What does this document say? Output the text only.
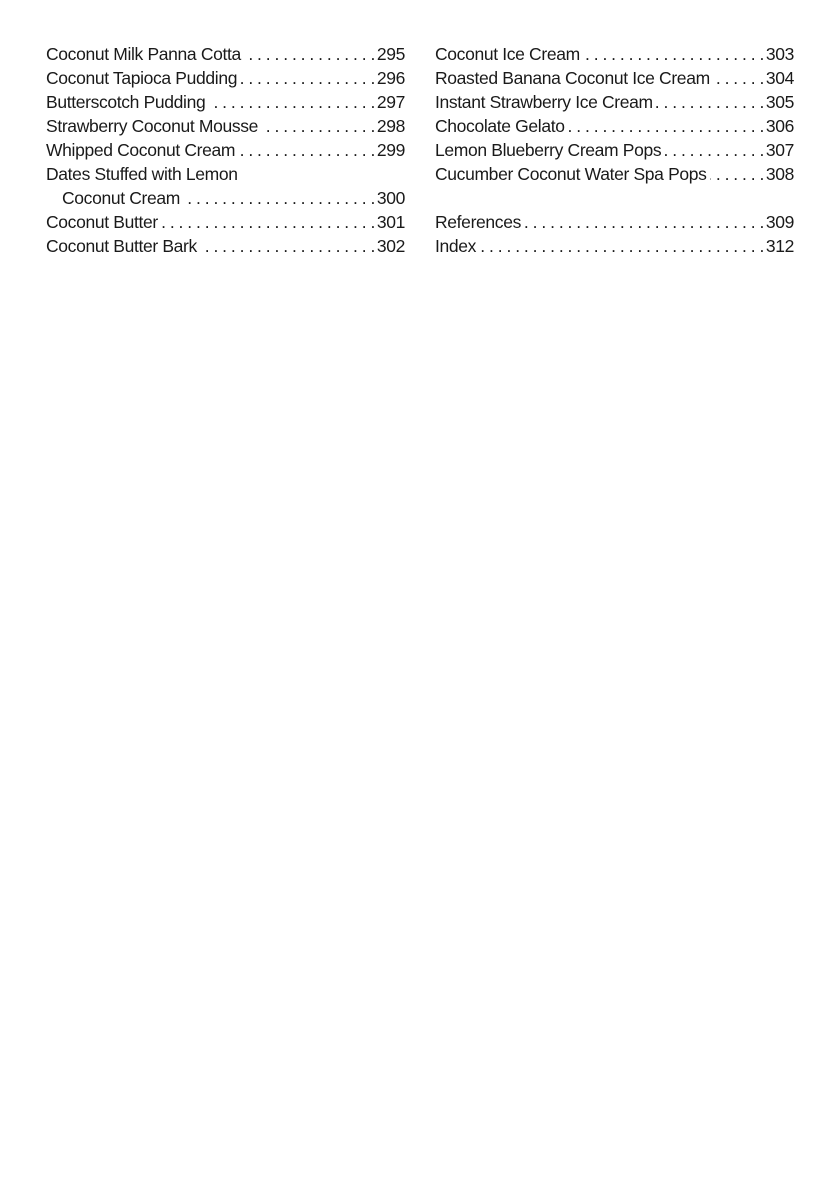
Coconut Milk Panna Cotta . . .	295
Coconut Tapioca Pudding . . .	296
Butterscotch Pudding . . .	297
Strawberry Coconut Mousse . . .	298
Whipped Coconut Cream . . .	299
Dates Stuffed with Lemon
Coconut Cream . . .	300
Coconut Butter . . .	301
Coconut Butter Bark . . .	302
Coconut Ice Cream . . .	303
Roasted Banana Coconut Ice Cream . . .	304
Instant Strawberry Ice Cream . . .	305
Chocolate Gelato . . .	306
Lemon Blueberry Cream Pops . . .	307
Cucumber Coconut Water Spa Pops . . .	308
References . . .	309
Index . . .	312
